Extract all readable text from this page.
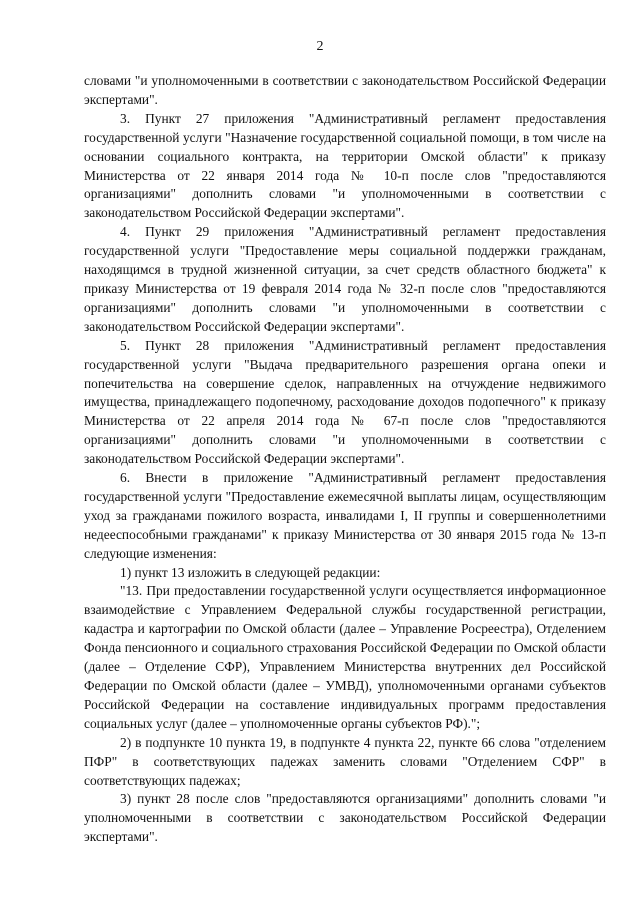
2

словами "и уполномоченными в соответствии с законодательством Российской Федерации экспертами".

3. Пункт 27 приложения "Административный регламент предоставления государственной услуги "Назначение государственной социальной помощи, в том числе на основании социального контракта, на территории Омской области" к приказу Министерства от 22 января 2014 года № 10-п после слов "предоставляются организациями" дополнить словами "и уполномоченными в соответствии с законодательством Российской Федерации экспертами".

4. Пункт 29 приложения "Административный регламент предоставления государственной услуги "Предоставление меры социальной поддержки гражданам, находящимся в трудной жизненной ситуации, за счет средств областного бюджета" к приказу Министерства от 19 февраля 2014 года № 32-п после слов "предоставляются организациями" дополнить словами "и уполномоченными в соответствии с законодательством Российской Федерации экспертами".

5. Пункт 28 приложения "Административный регламент предоставления государственной услуги "Выдача предварительного разрешения органа опеки и попечительства на совершение сделок, направленных на отчуждение недвижимого имущества, принадлежащего подопечному, расходование доходов подопечного" к приказу Министерства от 22 апреля 2014 года № 67-п после слов "предоставляются организациями" дополнить словами "и уполномоченными в соответствии с законодательством Российской Федерации экспертами".

6. Внести в приложение "Административный регламент предоставления государственной услуги "Предоставление ежемесячной выплаты лицам, осуществляющим уход за гражданами пожилого возраста, инвалидами I, II группы и совершеннолетними недееспособными гражданами" к приказу Министерства от 30 января 2015 года № 13-п следующие изменения:

1) пункт 13 изложить в следующей редакции:

"13. При предоставлении государственной услуги осуществляется информационное взаимодействие с Управлением Федеральной службы государственной регистрации, кадастра и картографии по Омской области (далее – Управление Росреестра), Отделением Фонда пенсионного и социального страхования Российской Федерации по Омской области (далее – Отделение СФР), Управлением Министерства внутренних дел Российской Федерации по Омской области (далее – УМВД), уполномоченными органами субъектов Российской Федерации на составление индивидуальных программ предоставления социальных услуг (далее – уполномоченные органы субъектов РФ).";

2) в подпункте 10 пункта 19, в подпункте 4 пункта 22, пункте 66 слова "отделением ПФР" в соответствующих падежах заменить словами "Отделением СФР" в соответствующих падежах;

3) пункт 28 после слов "предоставляются организациями" дополнить словами "и уполномоченными в соответствии с законодательством Российской Федерации экспертами".
